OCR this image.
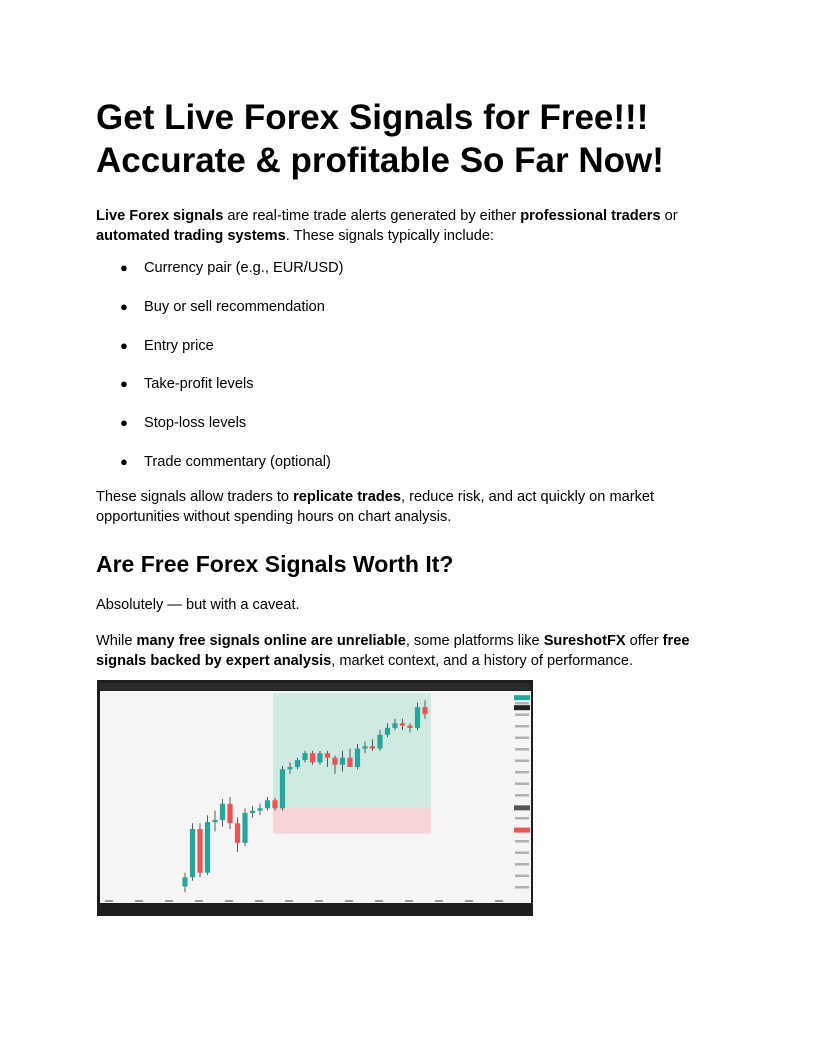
Get Live Forex Signals for Free!!!
Accurate & profitable So Far Now!

Live Forex signals are real-time trade alerts generated by either professional traders or automated trading systems. These signals typically include:

● Currency pair (e.g., EUR/USD)
● Buy or sell recommendation
● Entry price
● Take-profit levels
● Stop-loss levels
● Trade commentary (optional)

These signals allow traders to replicate trades, reduce risk, and act quickly on market opportunities without spending hours on chart analysis.

Are Free Forex Signals Worth It?

Absolutely — but with a caveat.

While many free signals online are unreliable, some platforms like SureshotFX offer free signals backed by expert analysis, market context, and a history of performance.
